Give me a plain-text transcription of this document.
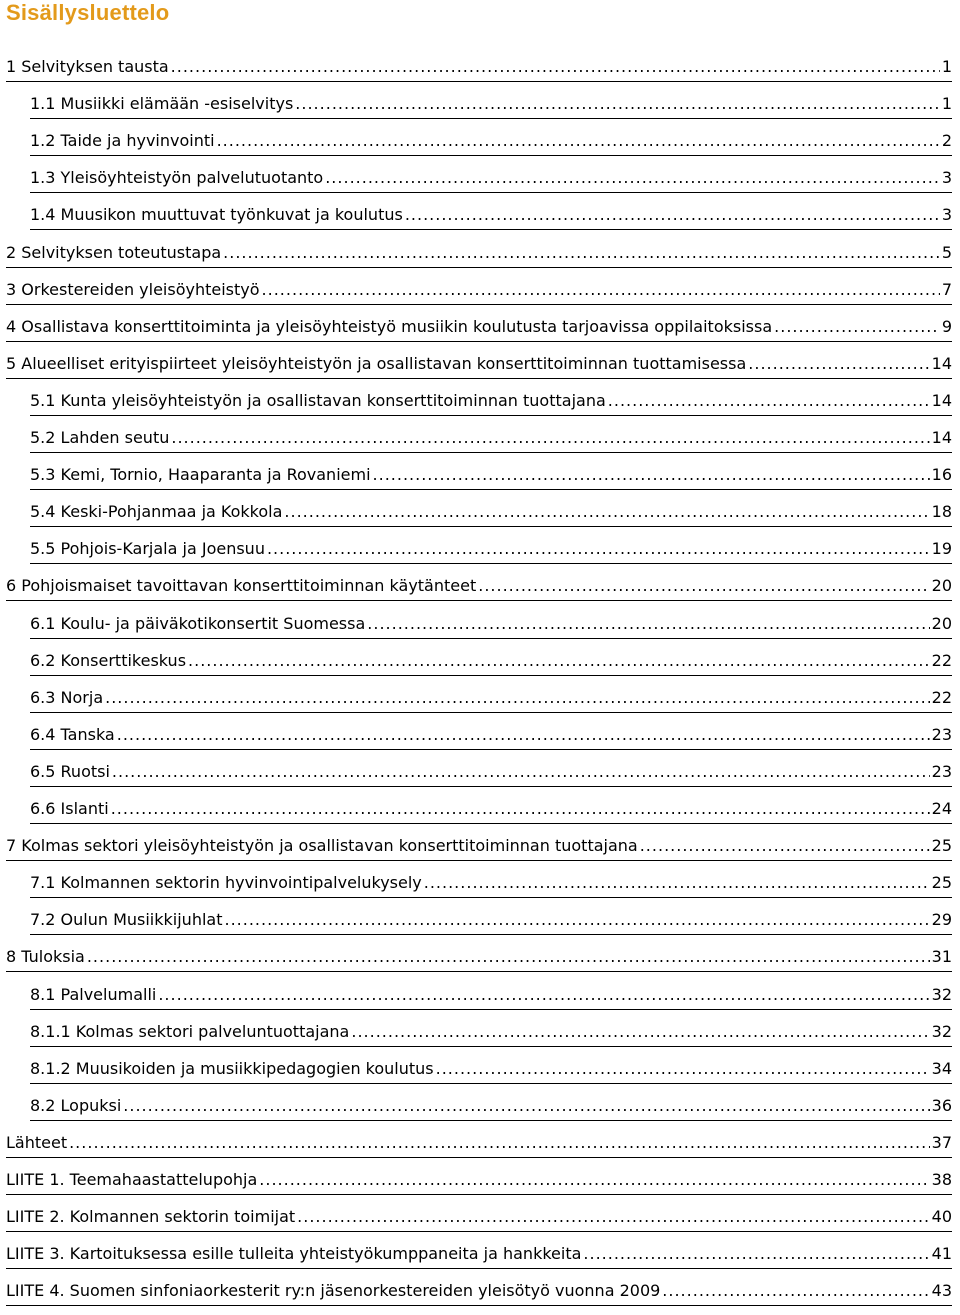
Sisällysluettelo
1 Selvityksen tausta .....	1
1.1 Musiikki elämään -esiselvitys .....	1
1.2 Taide ja hyvinvointi .....	2
1.3 Yleisöyhteistyön palvelutuotanto .....	3
1.4 Muusikon muuttuvat työnkuvat ja koulutus .....	3
2 Selvityksen toteutustapa .....	5
3 Orkestereiden yleisöyhteistyö .....	7
4 Osallistava konserttitoiminta ja yleisöyhteistyö musiikin koulutusta tarjoavissa oppilaitoksissa .....	9
5 Alueelliset erityispiirteet yleisöyhteistyön ja osallistavan konserttitoiminnan tuottamisessa .....	14
5.1 Kunta yleisöyhteistyön ja osallistavan konserttitoiminnan tuottajana .....	14
5.2 Lahden seutu .....	14
5.3 Kemi, Tornio, Haaparanta ja Rovaniemi .....	16
5.4 Keski-Pohjanmaa ja Kokkola .....	18
5.5 Pohjois-Karjala ja Joensuu .....	19
6 Pohjoismaiset tavoittavan konserttitoiminnan käytänteet .....	20
6.1 Koulu- ja päiväkotikonsertit Suomessa .....	20
6.2 Konserttikeskus .....	22
6.3 Norja .....	22
6.4 Tanska .....	23
6.5 Ruotsi .....	23
6.6 Islanti .....	24
7 Kolmas sektori yleisöyhteistyön ja osallistavan konserttitoiminnan tuottajana .....	25
7.1 Kolmannen sektorin hyvinvointipalvelukysely .....	25
7.2 Oulun Musiikkijuhlat .....	29
8 Tuloksia .....	31
8.1 Palvelumalli .....	32
8.1.1 Kolmas sektori palveluntuottajana .....	32
8.1.2 Muusikoiden ja musiikkipedagogien koulutus .....	34
8.2 Lopuksi .....	36
Lähteet .....	37
LIITE 1. Teemahaastattelupohja .....	38
LIITE 2. Kolmannen sektorin toimijat .....	40
LIITE 3. Kartoituksessa esille tulleita yhteistyökumppaneita ja hankkeita .....	41
LIITE 4. Suomen sinfoniaorkesterit ry:n jäsenorkestereiden yleisötyö vuonna 2009 .....	43
